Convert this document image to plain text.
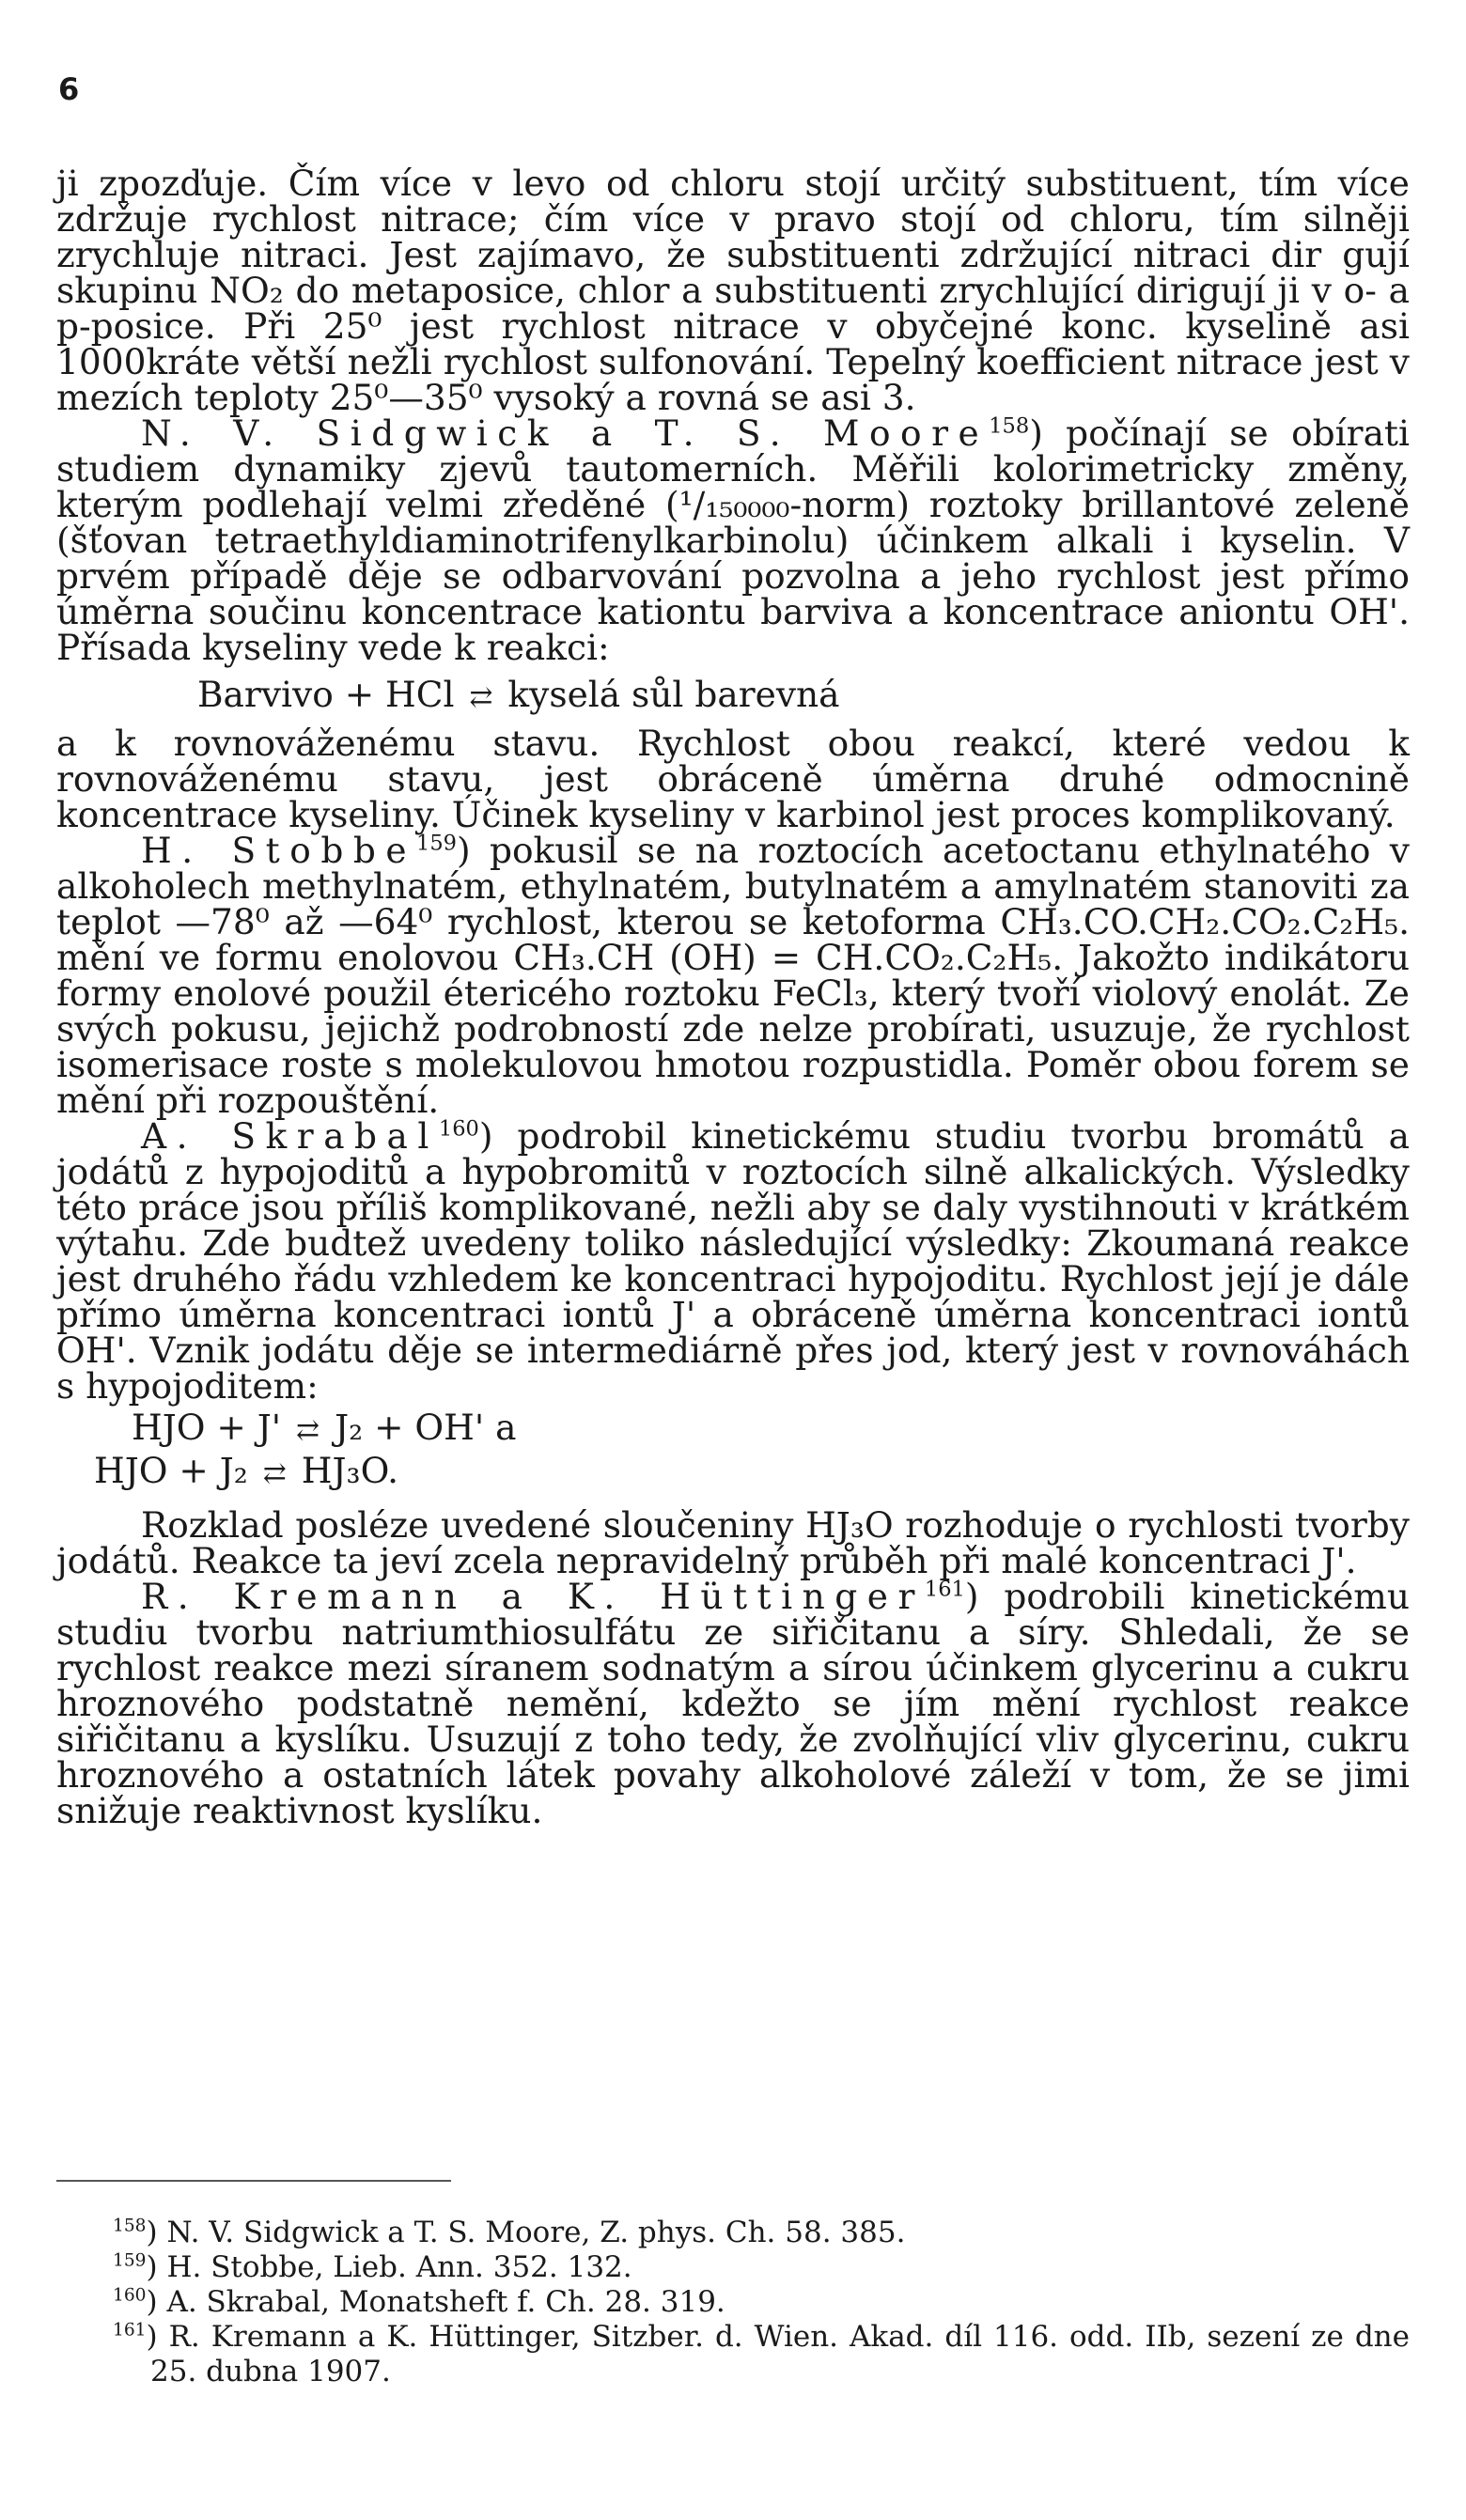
6

ji zpozďuje. Čím více v levo od chloru stojí určitý substituent, tím více zdržuje rychlost nitrace; čím více v pravo stojí od chloru, tím silněji zrychluje nitraci. Jest zajímavo, že substituenti zdržující nitraci dir gují skupinu NO₂ do metaposice, chlor a substituenti zrychlující dirigují ji v o- a p-posice. Při 25⁰ jest rychlost nitrace v obyčejné konc. kyselině asi 1000kráte větší nežli rychlost sulfonování. Tepelný koefficient nitrace jest v mezích teploty 25⁰—35⁰ vysoký a rovná se asi 3.

N. V. Sidgwick a T. S. Moore$^{158}$) počínají se obírati studiem dynamiky zjevů tautomerních. Měřili kolorimetricky změny, kterým podlehají velmi zředěné (¹/₁₅₀₀₀₀-norm) roztoky brillantové zeleně (šťovan tetraethyldiaminotrifenylkarbinolu) účinkem alkali i kyselin. V prvém případě děje se odbarvování pozvolna a jeho rychlost jest přímo úměrna součinu koncentrace kationtu barviva a koncentrace aniontu OH'. Přísada kyseliny vede k reakci:

Barvivo + HCl ⇄ kyselá sůl barevná

a k rovnováženému stavu. Rychlost obou reakcí, které vedou k rovnováženému stavu, jest obráceně úměrna druhé odmocnině koncentrace kyseliny. Účinek kyseliny v karbinol jest proces komplikovaný.

H. Stobbe$^{159}$) pokusil se na roztocích acetoctanu ethylnatého v alkoholech methylnatém, ethylnatém, butylnatém a amylnatém stanoviti za teplot —78⁰ až —64⁰ rychlost, kterou se ketoforma CH₃.CO.CH₂.CO₂.C₂H₅. mění ve formu enolovou CH₃.CH (OH) = CH.CO₂.C₂H₅. Jakožto indikátoru formy enolové použil étericého roztoku FeCl₃, který tvoří violový enolát. Ze svých pokusu, jejichž podrobností zde nelze probírati, usuzuje, že rychlost isomerisace roste s molekulovou hmotou rozpustidla. Poměr obou forem se mění při rozpouštění.

A. Skrabal$^{160}$) podrobil kinetickému studiu tvorbu bromátů a jodátů z hypojoditů a hypobromitů v roztocích silně alkalických. Výsledky této práce jsou příliš komplikované, nežli aby se daly vystihnouti v krátkém výtahu. Zde budtež uvedeny toliko následující výsledky: Zkoumaná reakce jest druhého řádu vzhledem ke koncentraci hypojoditu. Rychlost její je dále přímo úměrna koncentraci iontů J' a obráceně úměrna koncentraci iontů OH'. Vznik jodátu děje se intermediárně přes jod, který jest v rovnováhách s hypojoditem:

HJO + J' ⇄ J₂ + OH' a

HJO + J₂ ⇄ HJ₃O.

Rozklad posléze uvedené sloučeniny HJ₃O rozhoduje o rychlosti tvorby jodátů. Reakce ta jeví zcela nepravidelný průběh při malé koncentraci J'.

R. Kremann a K. Hüttinger$^{161}$) podrobili kinetickému studiu tvorbu natriumthiosulfátu ze siřičitanu a síry. Shledali, že se rychlost reakce mezi síranem sodnatým a sírou účinkem glycerinu a cukru hroznového podstatně nemění, kdežto se jím mění rychlost reakce siřičitanu a kyslíku. Usuzují z toho tedy, že zvolňující vliv glycerinu, cukru hroznového a ostatních látek povahy alkoholové záleží v tom, že se jimi snižuje reaktivnost kyslíku.

$^{158}$) N. V. Sidgwick a T. S. Moore, Z. phys. Ch. 58. 385.

$^{159}$) H. Stobbe, Lieb. Ann. 352. 132.

$^{160}$) A. Skrabal, Monatsheft f. Ch. 28. 319.

$^{161}$) R. Kremann a K. Hüttinger, Sitzber. d. Wien. Akad. díl 116. odd. IIb, sezení ze dne 25. dubna 1907.
